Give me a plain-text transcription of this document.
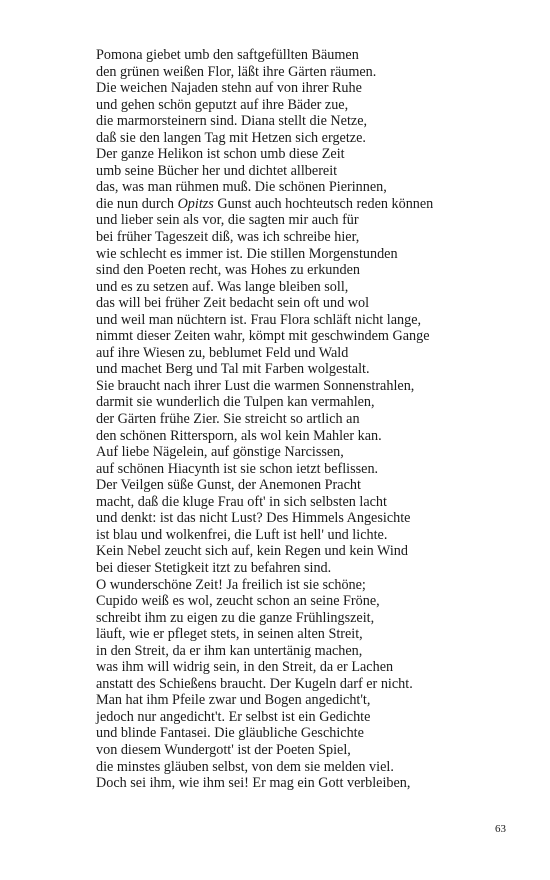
Pomona giebet umb den saftgefüllten Bäumen
den grünen weißen Flor, läßt ihre Gärten räumen.
Die weichen Najaden stehn auf von ihrer Ruhe
und gehen schön geputzt auf ihre Bäder zue,
die marmorsteinern sind. Diana stellt die Netze,
daß sie den langen Tag mit Hetzen sich ergetze.
Der ganze Helikon ist schon umb diese Zeit
umb seine Bücher her und dichtet allbereit
das, was man rühmen muß. Die schönen Pierinnen,
die nun durch Opitzs Gunst auch hochteutsch reden können
und lieber sein als vor, die sagten mir auch für
bei früher Tageszeit diß, was ich schreibe hier,
wie schlecht es immer ist. Die stillen Morgenstunden
sind den Poeten recht, was Hohes zu erkunden
und es zu setzen auf. Was lange bleiben soll,
das will bei früher Zeit bedacht sein oft und wol
und weil man nüchtern ist. Frau Flora schläft nicht lange,
nimmt dieser Zeiten wahr, kömpt mit geschwindem Gange
auf ihre Wiesen zu, beblumet Feld und Wald
und machet Berg und Tal mit Farben wolgestalt.
Sie braucht nach ihrer Lust die warmen Sonnenstrahlen,
darmit sie wunderlich die Tulpen kan vermahlen,
der Gärten frühe Zier. Sie streicht so artlich an
den schönen Rittersporn, als wol kein Mahler kan.
Auf liebe Nägelein, auf gönstige Narcissen,
auf schönen Hiacynth ist sie schon ietzt beflissen.
Der Veilgen süße Gunst, der Anemonen Pracht
macht, daß die kluge Frau oft' in sich selbsten lacht
und denkt: ist das nicht Lust? Des Himmels Angesichte
ist blau und wolkenfrei, die Luft ist hell' und lichte.
Kein Nebel zeucht sich auf, kein Regen und kein Wind
bei dieser Stetigkeit itzt zu befahren sind.
O wunderschöne Zeit! Ja freilich ist sie schöne;
Cupido weiß es wol, zeucht schon an seine Fröne,
schreibt ihm zu eigen zu die ganze Frühlingszeit,
läuft, wie er pfleget stets, in seinen alten Streit,
in den Streit, da er ihm kan untertänig machen,
was ihm will widrig sein, in den Streit, da er Lachen
anstatt des Schießens braucht. Der Kugeln darf er nicht.
Man hat ihm Pfeile zwar und Bogen angedicht't,
jedoch nur angedicht't. Er selbst ist ein Gedichte
und blinde Fantasei. Die gläubliche Geschichte
von diesem Wundergott' ist der Poeten Spiel,
die minstes gläuben selbst, von dem sie melden viel.
Doch sei ihm, wie ihm sei! Er mag ein Gott verbleiben,
63
